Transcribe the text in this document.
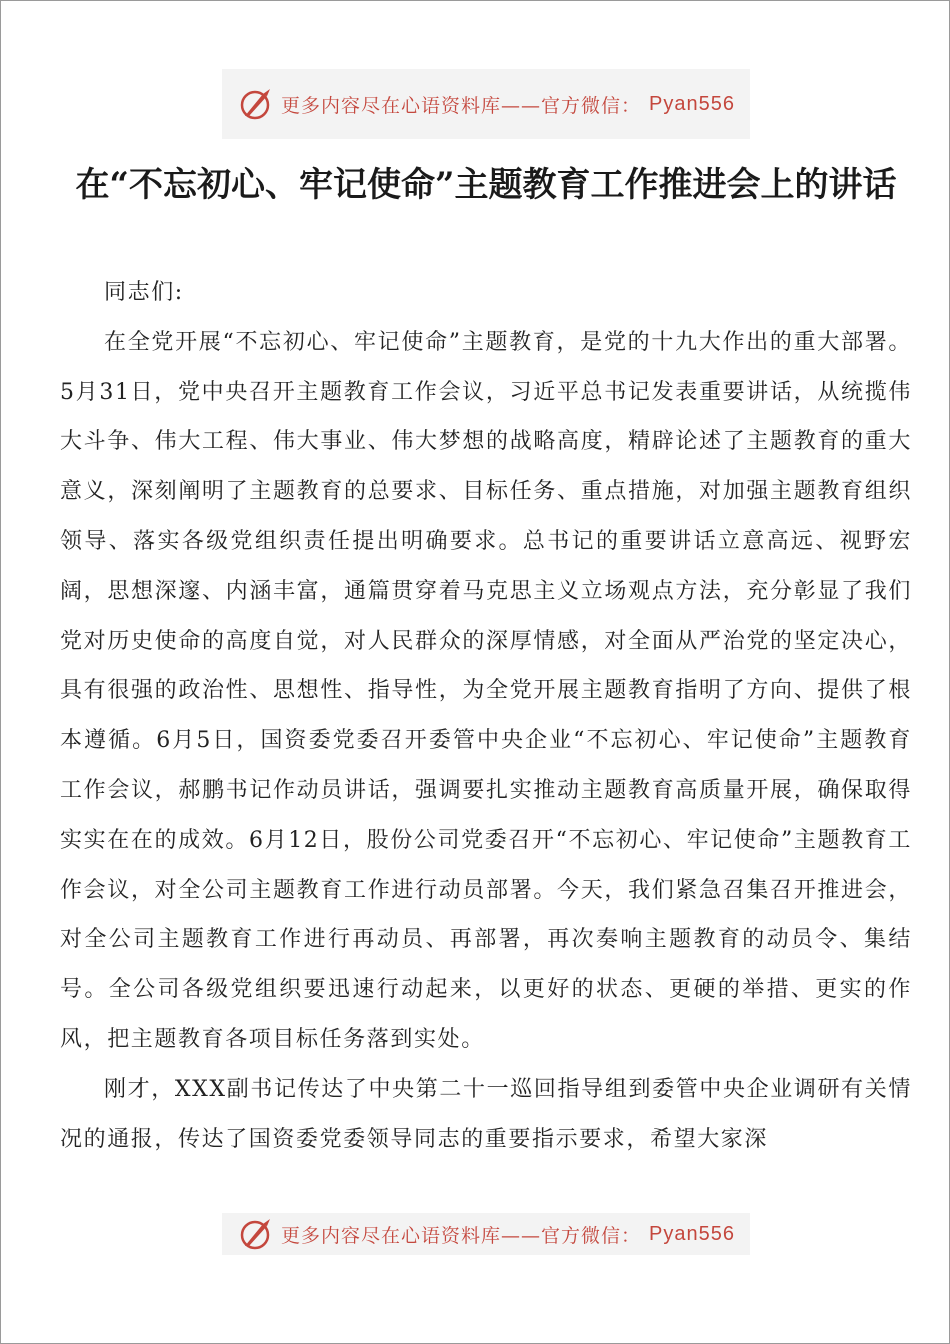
更多内容尽在心语资料库——官方微信： Pyan556
在“不忘初心、牢记使命”主题教育工作推进会上的讲话

同志们:

在全党开展“不忘初心、牢记使命”主题教育，是党的十九大作出的重大部署。5月31日，党中央召开主题教育工作会议，习近平总书记发表重要讲话，从统揽伟大斗争、伟大工程、伟大事业、伟大梦想的战略高度，精辟论述了主题教育的重大意义，深刻阐明了主题教育的总要求、目标任务、重点措施，对加强主题教育组织领导、落实各级党组织责任提出明确要求。总书记的重要讲话立意高远、视野宏阔，思想深邃、内涵丰富，通篇贯穿着马克思主义立场观点方法，充分彰显了我们党对历史使命的高度自觉，对人民群众的深厚情感，对全面从严治党的坚定决心，具有很强的政治性、思想性、指导性，为全党开展主题教育指明了方向、提供了根本遵循。6月5日，国资委党委召开委管中央企业“不忘初心、牢记使命”主题教育工作会议，郝鹏书记作动员讲话，强调要扎实推动主题教育高质量开展，确保取得实实在在的成效。6月12日，股份公司党委召开“不忘初心、牢记使命”主题教育工作会议，对全公司主题教育工作进行动员部署。今天，我们紧急召集召开推进会，对全公司主题教育工作进行再动员、再部署，再次奏响主题教育的动员令、集结号。全公司各级党组织要迅速行动起来，以更好的状态、更硬的举措、更实的作风，把主题教育各项目标任务落到实处。

刚才，XXX副书记传达了中央第二十一巡回指导组到委管中央企业调研有关情况的通报，传达了国资委党委领导同志的重要指示要求，希望大家深

更多内容尽在心语资料库——官方微信： Pyan556
